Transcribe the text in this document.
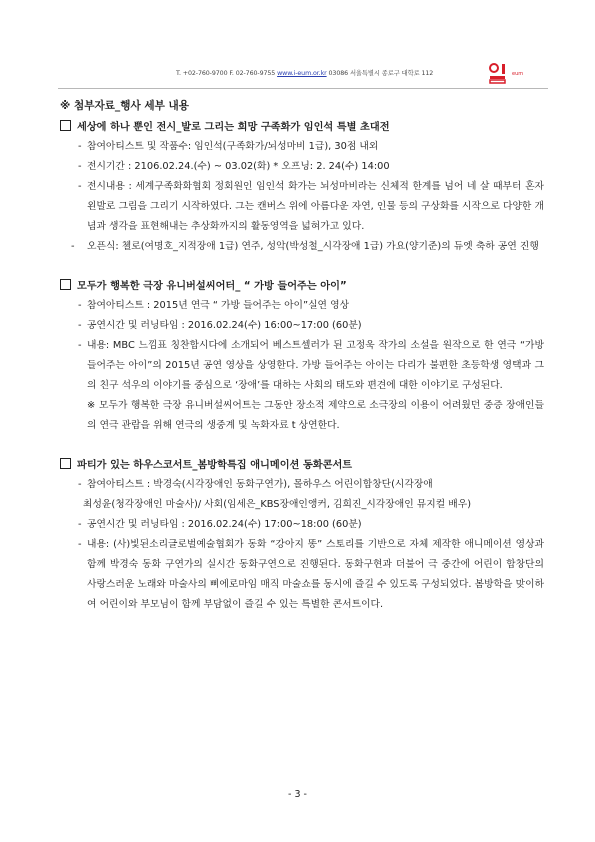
T. +02-760-9700 F. 02-760-9755 www.i-eum.or.kr 03086 서울특별시 종로구 대학로 112	eum
※ 첨부자료_행사 세부 내용
세상에 하나 뿐인 전시_발로 그리는 희망 구족화가 임인석 특별 초대전
- 참여아티스트 및 작품수: 임인석(구족화가/뇌성마비 1급), 30점 내외
- 전시기간 : 2106.02.24.(수) ~ 03.02(화) * 오프닝: 2. 24(수) 14:00
- 전시내용 : 세계구족화화협회 정회원인 임인석 화가는 뇌성마비라는 신체적 한계를 넘어 네 살 때부터 혼자 왼발로 그림을 그리기 시작하였다. 그는 캔버스 위에 아름다운 자연, 인물 등의 구상화를 시작으로 다양한 개념과 생각을 표현해내는 추상화까지의 활동영역을 넓혀가고 있다.
- 오픈식: 첼로(여명호_지적장애 1급) 연주, 성악(박성철_시각장애 1급) 가요(양기준)의 듀엣 축하 공연 진행
모두가 행복한 극장 유니버설씨어터_ “ 가방 들어주는 아이”
- 참여아티스트 : 2015년 연극 “ 가방 들어주는 아이”실연 영상
- 공연시간 및 러닝타임 : 2016.02.24(수) 16:00~17:00 (60분)
- 내용: MBC 느낌표 칭찬합시다에 소개되어 베스트셀러가 된 고정욱 작가의 소설을 원작으로 한 연극 “가방 들어주는 아이”의 2015년 공연 영상을 상영한다. 가방 들어주는 아이는 다리가 불편한 초등학생 영택과 그의 친구 석우의 이야기를 중심으로 ‘장애’를 대하는 사회의 태도와 편견에 대한 이야기로 구성된다.
※ 모두가 행복한 극장 유니버설씨어트는 그동안 장소적 제약으로 소극장의 이용이 어려웠던 중증 장애인들의 연극 관람을 위해 연극의 생중계 및 녹화자료 t 상연한다.
파티가 있는 하우스코서트_봄방학특집 애니메이션 동화콘서트
- 참여아티스트 : 박경숙(시각장애인 동화구연가), 몰하우스 어린이합창단(시각장애
최성윤(청각장애인 마술사)/ 사회(임세은_KBS장애인앵커, 김희진_시각장애인 뮤지컬 배우)
- 공연시간 및 러닝타임 : 2016.02.24(수) 17:00~18:00 (60분)
- 내용: (사)빛된소리글로벌예술협회가 동화 “강아지 똥” 스토리를 기반으로 자체 제작한 애니메이션 영상과 함께 박경숙 동화 구연가의 실시간 동화구연으로 진행된다. 동화구현과 더불어 극 중간에 어린이 합창단의 사랑스러운 노래와 마술사의 삐에로마임 매직 마술쇼를 동시에 즐길 수 있도록 구성되었다. 봄방학을 맞이하여 어린이와 부모님이 함께 부담없이 즐길 수 있는 특별한 콘서트이다.
- 3 -
